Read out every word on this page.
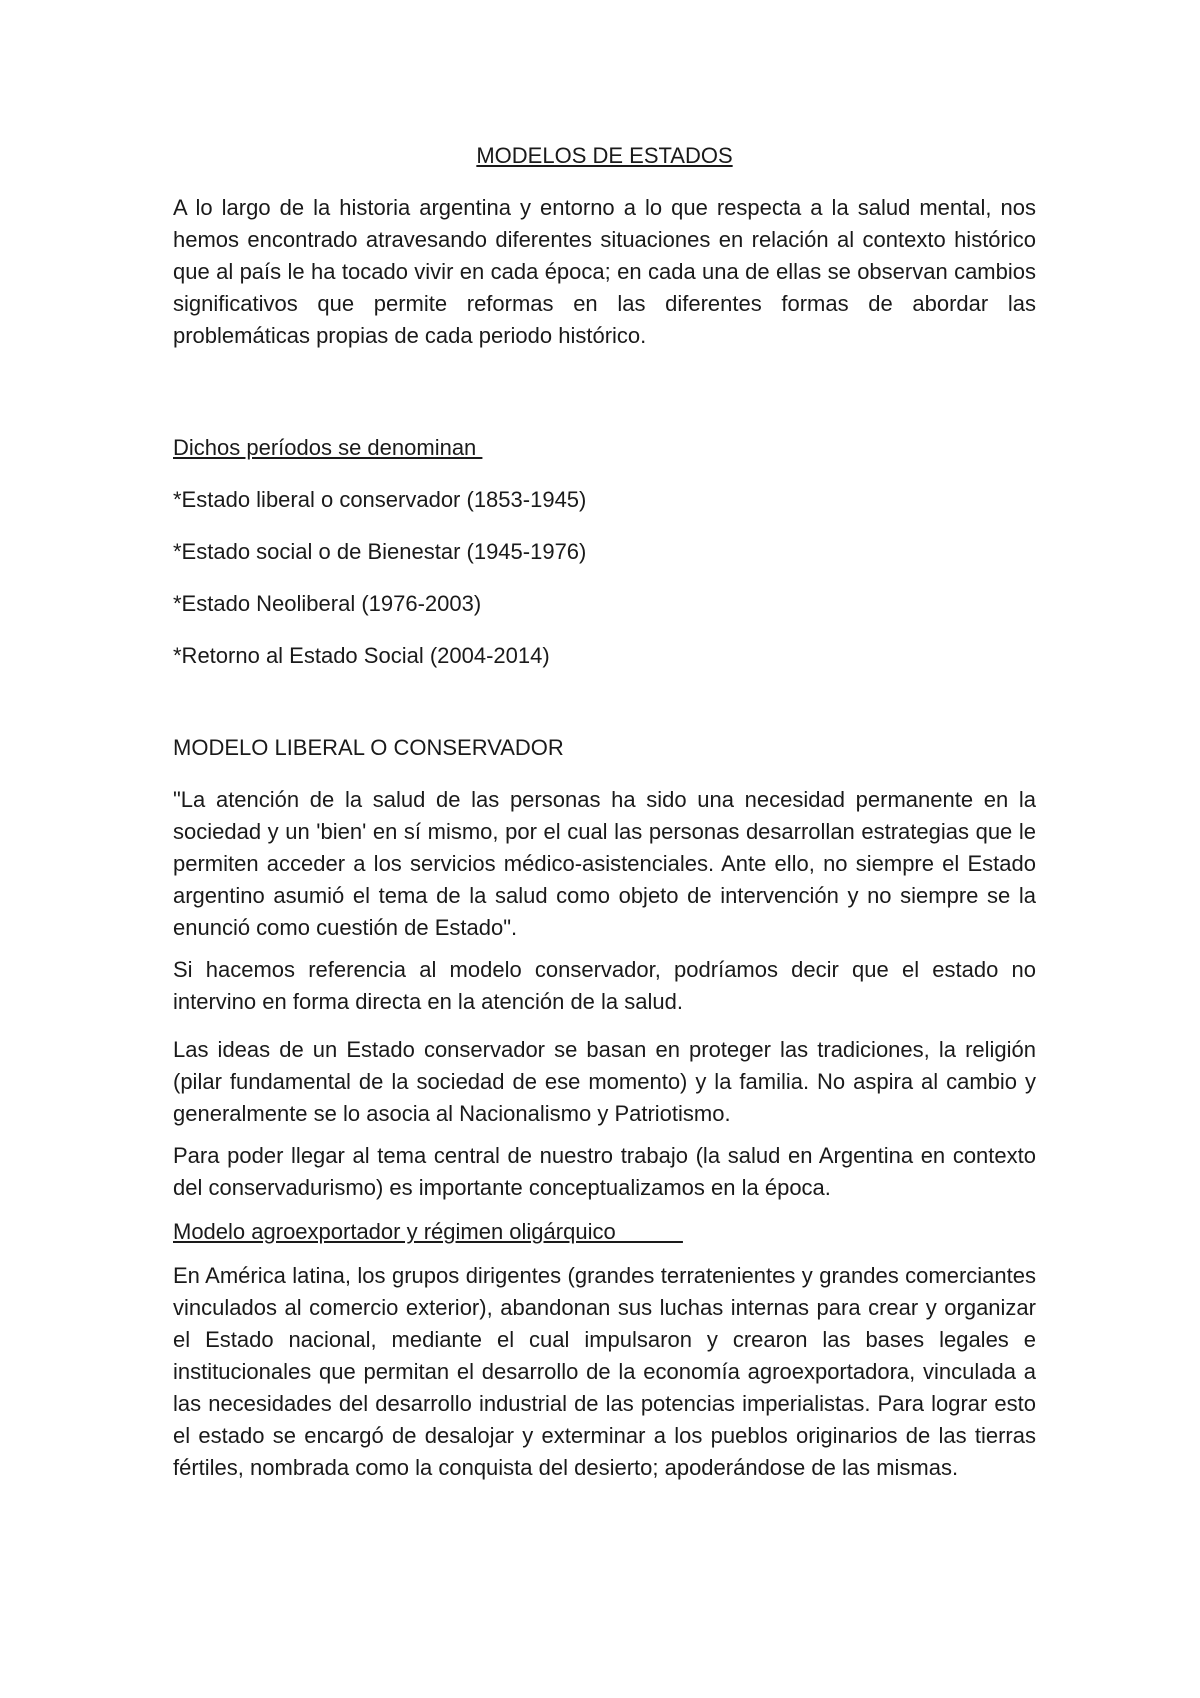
MODELOS DE ESTADOS

A lo largo de la historia argentina y entorno a lo que respecta a la salud mental, nos hemos encontrado atravesando diferentes situaciones en relación al contexto histórico que al país le ha tocado vivir en cada época; en cada una de ellas se observan cambios significativos que permite reformas en las diferentes formas de abordar las problemáticas propias de cada periodo histórico.

Dichos períodos se denominan

*Estado liberal o conservador (1853-1945)
*Estado social o de Bienestar (1945-1976)
*Estado Neoliberal (1976-2003)
*Retorno al Estado Social (2004-2014)

MODELO LIBERAL O CONSERVADOR

"La atención de la salud de las personas ha sido una necesidad permanente en la sociedad y un 'bien' en sí mismo, por el cual las personas desarrollan estrategias que le permiten acceder a los servicios médico-asistenciales. Ante ello, no siempre el Estado argentino asumió el tema de la salud como objeto de intervención y no siempre se la enunció como cuestión de Estado".

Si hacemos referencia al modelo conservador, podríamos decir que el estado no intervino en forma directa en la atención de la salud.

Las ideas de un Estado conservador se basan en proteger las tradiciones, la religión (pilar fundamental de la sociedad de ese momento) y la familia. No aspira al cambio y generalmente se lo asocia al Nacionalismo y Patriotismo.

Para poder llegar al tema central de nuestro trabajo (la salud en Argentina en contexto del conservadurismo) es importante conceptualizamos en la época.

Modelo agroexportador y régimen oligárquico

En América latina, los grupos dirigentes (grandes terratenientes y grandes comerciantes vinculados al comercio exterior), abandonan sus luchas internas para crear y organizar el Estado nacional, mediante el cual impulsaron y crearon las bases legales e institucionales que permitan el desarrollo de la economía agroexportadora, vinculada a las necesidades del desarrollo industrial de las potencias imperialistas. Para lograr esto el estado se encargó de desalojar y exterminar a los pueblos originarios de las tierras fértiles, nombrada como la conquista del desierto; apoderándose de las mismas.
